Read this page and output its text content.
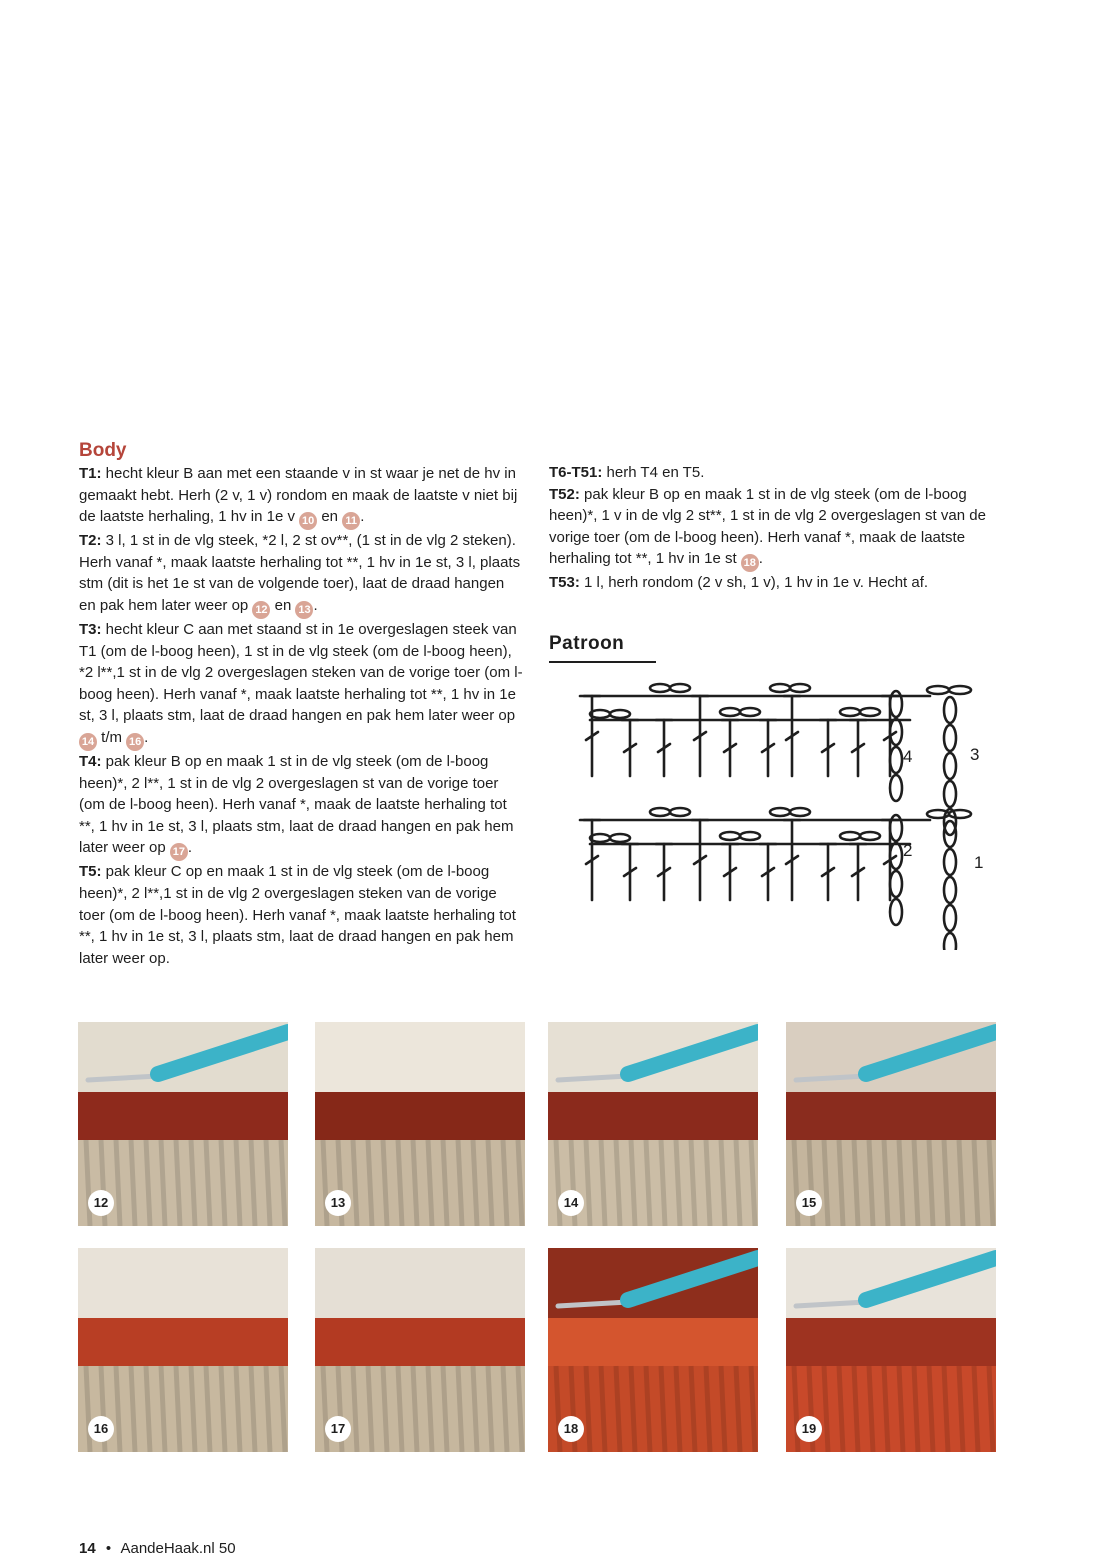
Body

T1: hecht kleur B aan met een staande v in st waar je net de hv in gemaakt hebt. Herh (2 v, 1 v) rondom en maak de laatste v niet bij de laatste herhaling, 1 hv in 1e v 10 en 11 .

T2: 3 l, 1 st in de vlg steek, *2 l, 2 st ov**, (1 st in de vlg 2 steken). Herh vanaf *, maak laatste herhaling tot **, 1 hv in 1e st, 3 l, plaats stm (dit is het 1e st van de volgende toer), laat de draad hangen en pak hem later weer op 12 en 13 .

T3: hecht kleur C aan met staand st in 1e overgeslagen steek van T1 (om de l-boog heen), 1 st in de vlg steek (om de l-boog heen), *2 l**,1 st in de vlg 2 overgeslagen steken van de vorige toer (om l- boog heen). Herh vanaf *, maak laatste herhaling tot **, 1 hv in 1e st, 3 l, plaats stm, laat de draad hangen en pak hem later weer op 14 t/m 16 .

T4: pak kleur B op en maak 1 st in de vlg steek (om de l-boog heen)*, 2 l**, 1 st in de vlg 2 overgeslagen st van de vorige toer (om de l-boog heen). Herh vanaf *, maak de laatste herhaling tot **, 1 hv in 1e st, 3 l, plaats stm, laat de draad hangen en pak hem later weer op 17 .

T5: pak kleur C op en maak 1 st in de vlg steek (om de l-boog heen)*, 2 l**,1 st in de vlg 2 overgeslagen steken van de vorige toer (om de l-boog heen). Herh vanaf *, maak laatste herhaling tot **, 1 hv in 1e st, 3 l, plaats stm, laat de draad hangen en pak hem later weer op.

T6-T51: herh T4 en T5.

T52: pak kleur B op en maak 1 st in de vlg steek (om de l-boog heen)*, 1 v in de vlg 2 st**, 1 st in de vlg 2 overgeslagen st van de vorige toer (om de l-boog heen). Herh vanaf *, maak de laatste herhaling tot **, 1 hv in 1e st 18 .

T53: 1 l, herh rondom (2 v sh, 1 v), 1 hv in 1e v. Hecht af.

Patroon
4	3
2
1
12	13	14	15
16	17	18	19
14 • AandeHaak.nl 50
